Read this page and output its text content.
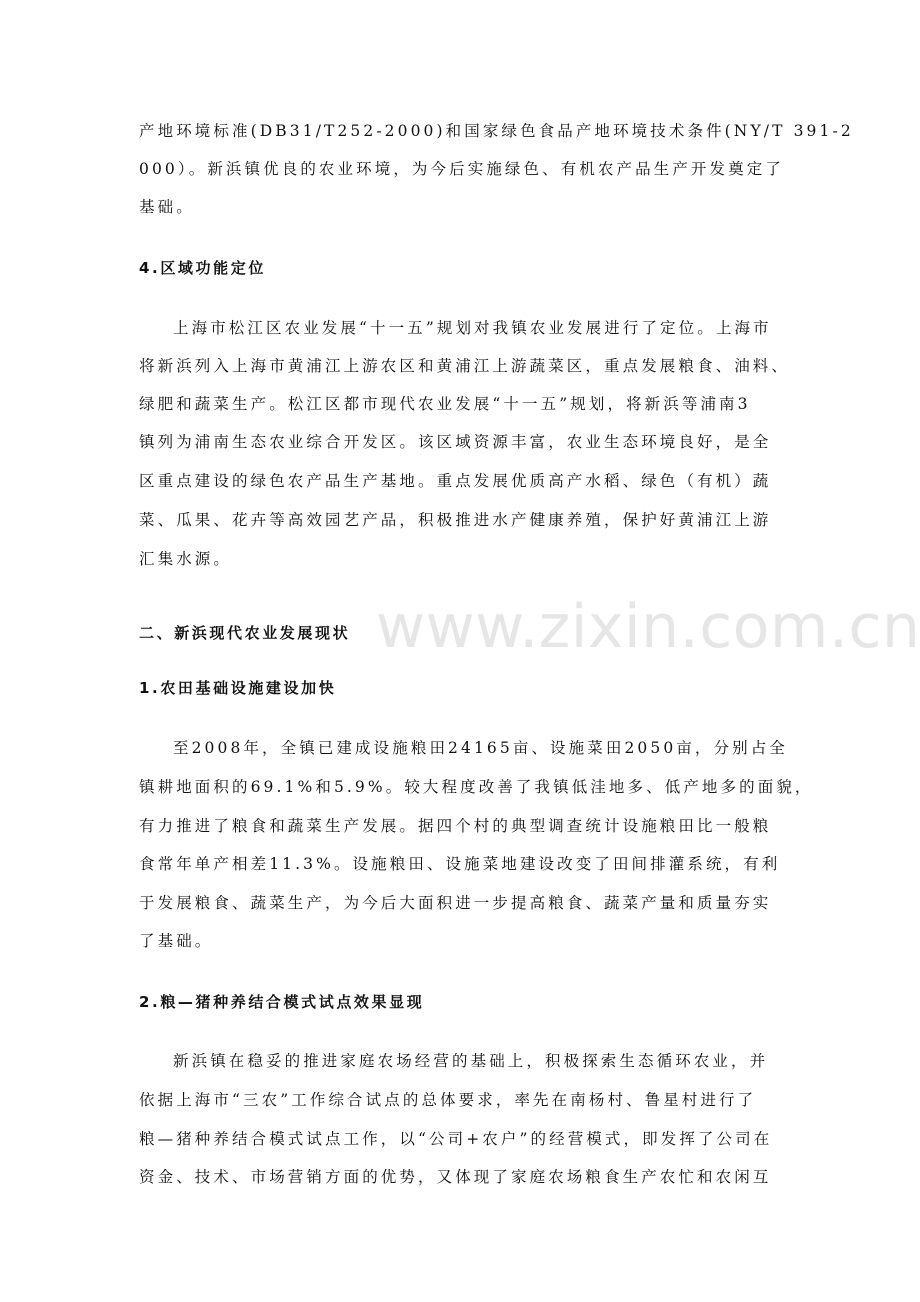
www.zixin.com.cn
产地环境标准(DB31/T252-2000)和国家绿色食品产地环境技术条件(NY/T 391-2
000）。新浜镇优良的农业环境，为今后实施绿色、有机农产品生产开发奠定了
基础。
4.区域功能定位
上海市松江区农业发展“十一五”规划对我镇农业发展进行了定位。上海市
将新浜列入上海市黄浦江上游农区和黄浦江上游蔬菜区，重点发展粮食、油料、
绿肥和蔬菜生产。松江区都市现代农业发展“十一五”规划，将新浜等浦南3
镇列为浦南生态农业综合开发区。该区域资源丰富，农业生态环境良好，是全
区重点建设的绿色农产品生产基地。重点发展优质高产水稻、绿色（有机）蔬
菜、瓜果、花卉等高效园艺产品，积极推进水产健康养殖，保护好黄浦江上游
汇集水源。
二、新浜现代农业发展现状
1.农田基础设施建设加快
至2008年，全镇已建成设施粮田24165亩、设施菜田2050亩，分别占全
镇耕地面积的69.1%和5.9%。较大程度改善了我镇低洼地多、低产地多的面貌，
有力推进了粮食和蔬菜生产发展。据四个村的典型调查统计设施粮田比一般粮
食常年单产相差11.3%。设施粮田、设施菜地建设改变了田间排灌系统，有利
于发展粮食、蔬菜生产，为今后大面积进一步提高粮食、蔬菜产量和质量夯实
了基础。
2.粮—猪种养结合模式试点效果显现
新浜镇在稳妥的推进家庭农场经营的基础上，积极探索生态循环农业，并
依据上海市“三农”工作综合试点的总体要求，率先在南杨村、鲁星村进行了
粮—猪种养结合模式试点工作，以“公司+农户”的经营模式，即发挥了公司在
资金、技术、市场营销方面的优势，又体现了家庭农场粮食生产农忙和农闲互
